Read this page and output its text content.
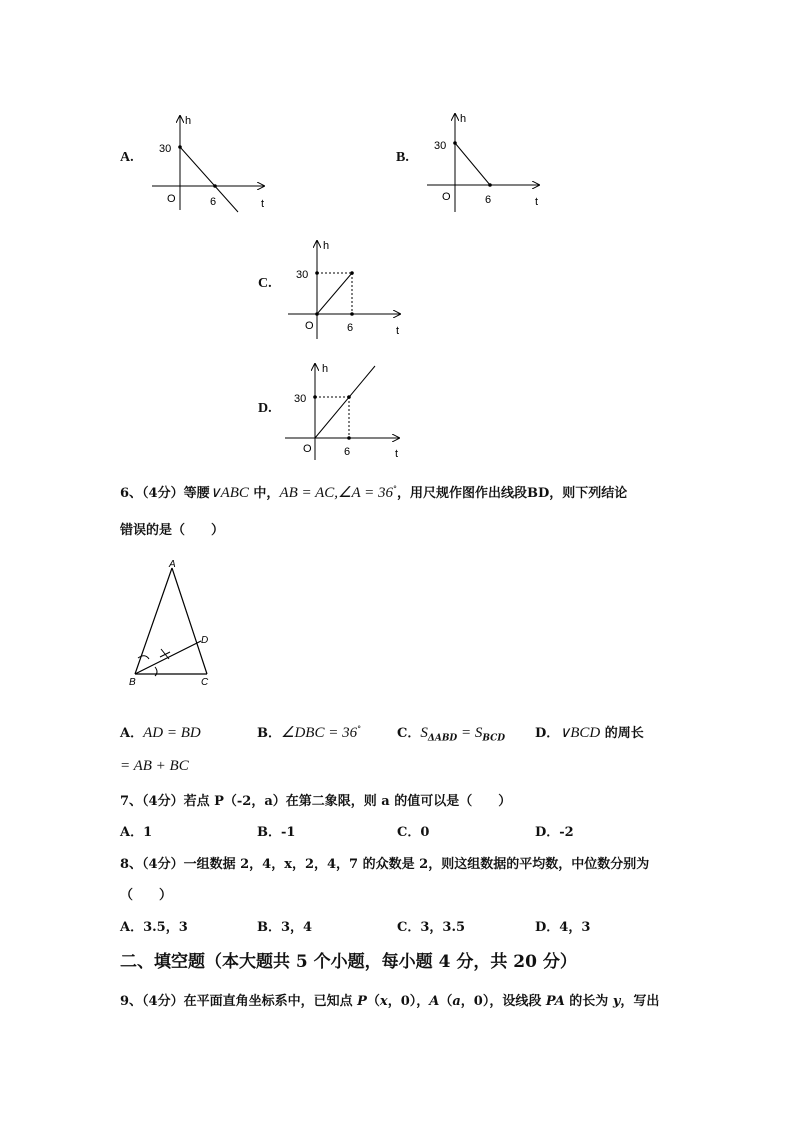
A.
30
O	6
h
t
B.
30
O	6
h
t
C.
30
O	6
h
t
D.
30
O	6
h
t
6、（4分）等腰∨ABC 中，AB = AC,∠A = 36°，用尺规作图作出线段BD，则下列结论
错误的是（　　）
A
B	C
D
A．AD = BD	B．∠DBC = 36°	C．$S_{\Delta ABD} = S_{BCD}$ D．∨BCD 的周长
= AB + BC
7、（4分）若点 P（-2，a）在第二象限，则 a 的值可以是（　　）
A．1	B．-1	C．0	D．-2
8、（4分）一组数据 2，4，x，2，4，7 的众数是 2，则这组数据的平均数，中位数分别为
（　　）
A．3.5，3	B．3，4	C．3，3.5	D．4，3
二、填空题（本大题共 5 个小题，每小题 4 分，共 20 分）
9、（4分）在平面直角坐标系中，已知点 P（x，0），A（a，0），设线段 PA 的长为 y，写出
